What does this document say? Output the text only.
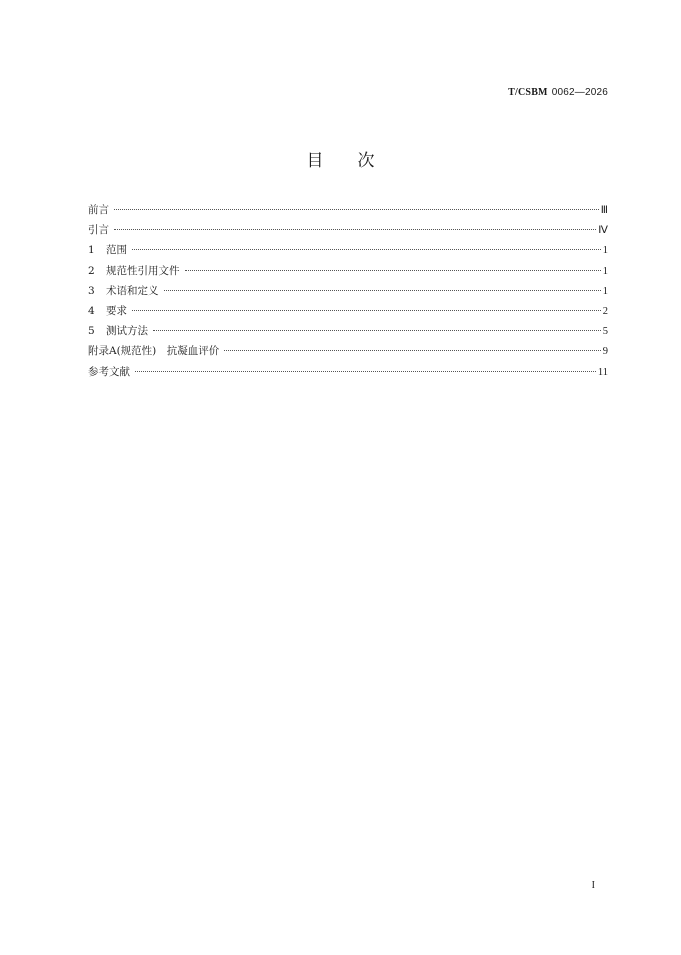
T/CSBM 0062—2026
目次
前言	Ⅲ
引言	Ⅳ
1	范围	1
2	规范性引用文件	1
3	术语和定义	1
4	要求	2
5	测试方法	5
附录A(规范性)　抗凝血评价	9
参考文献	11
I
